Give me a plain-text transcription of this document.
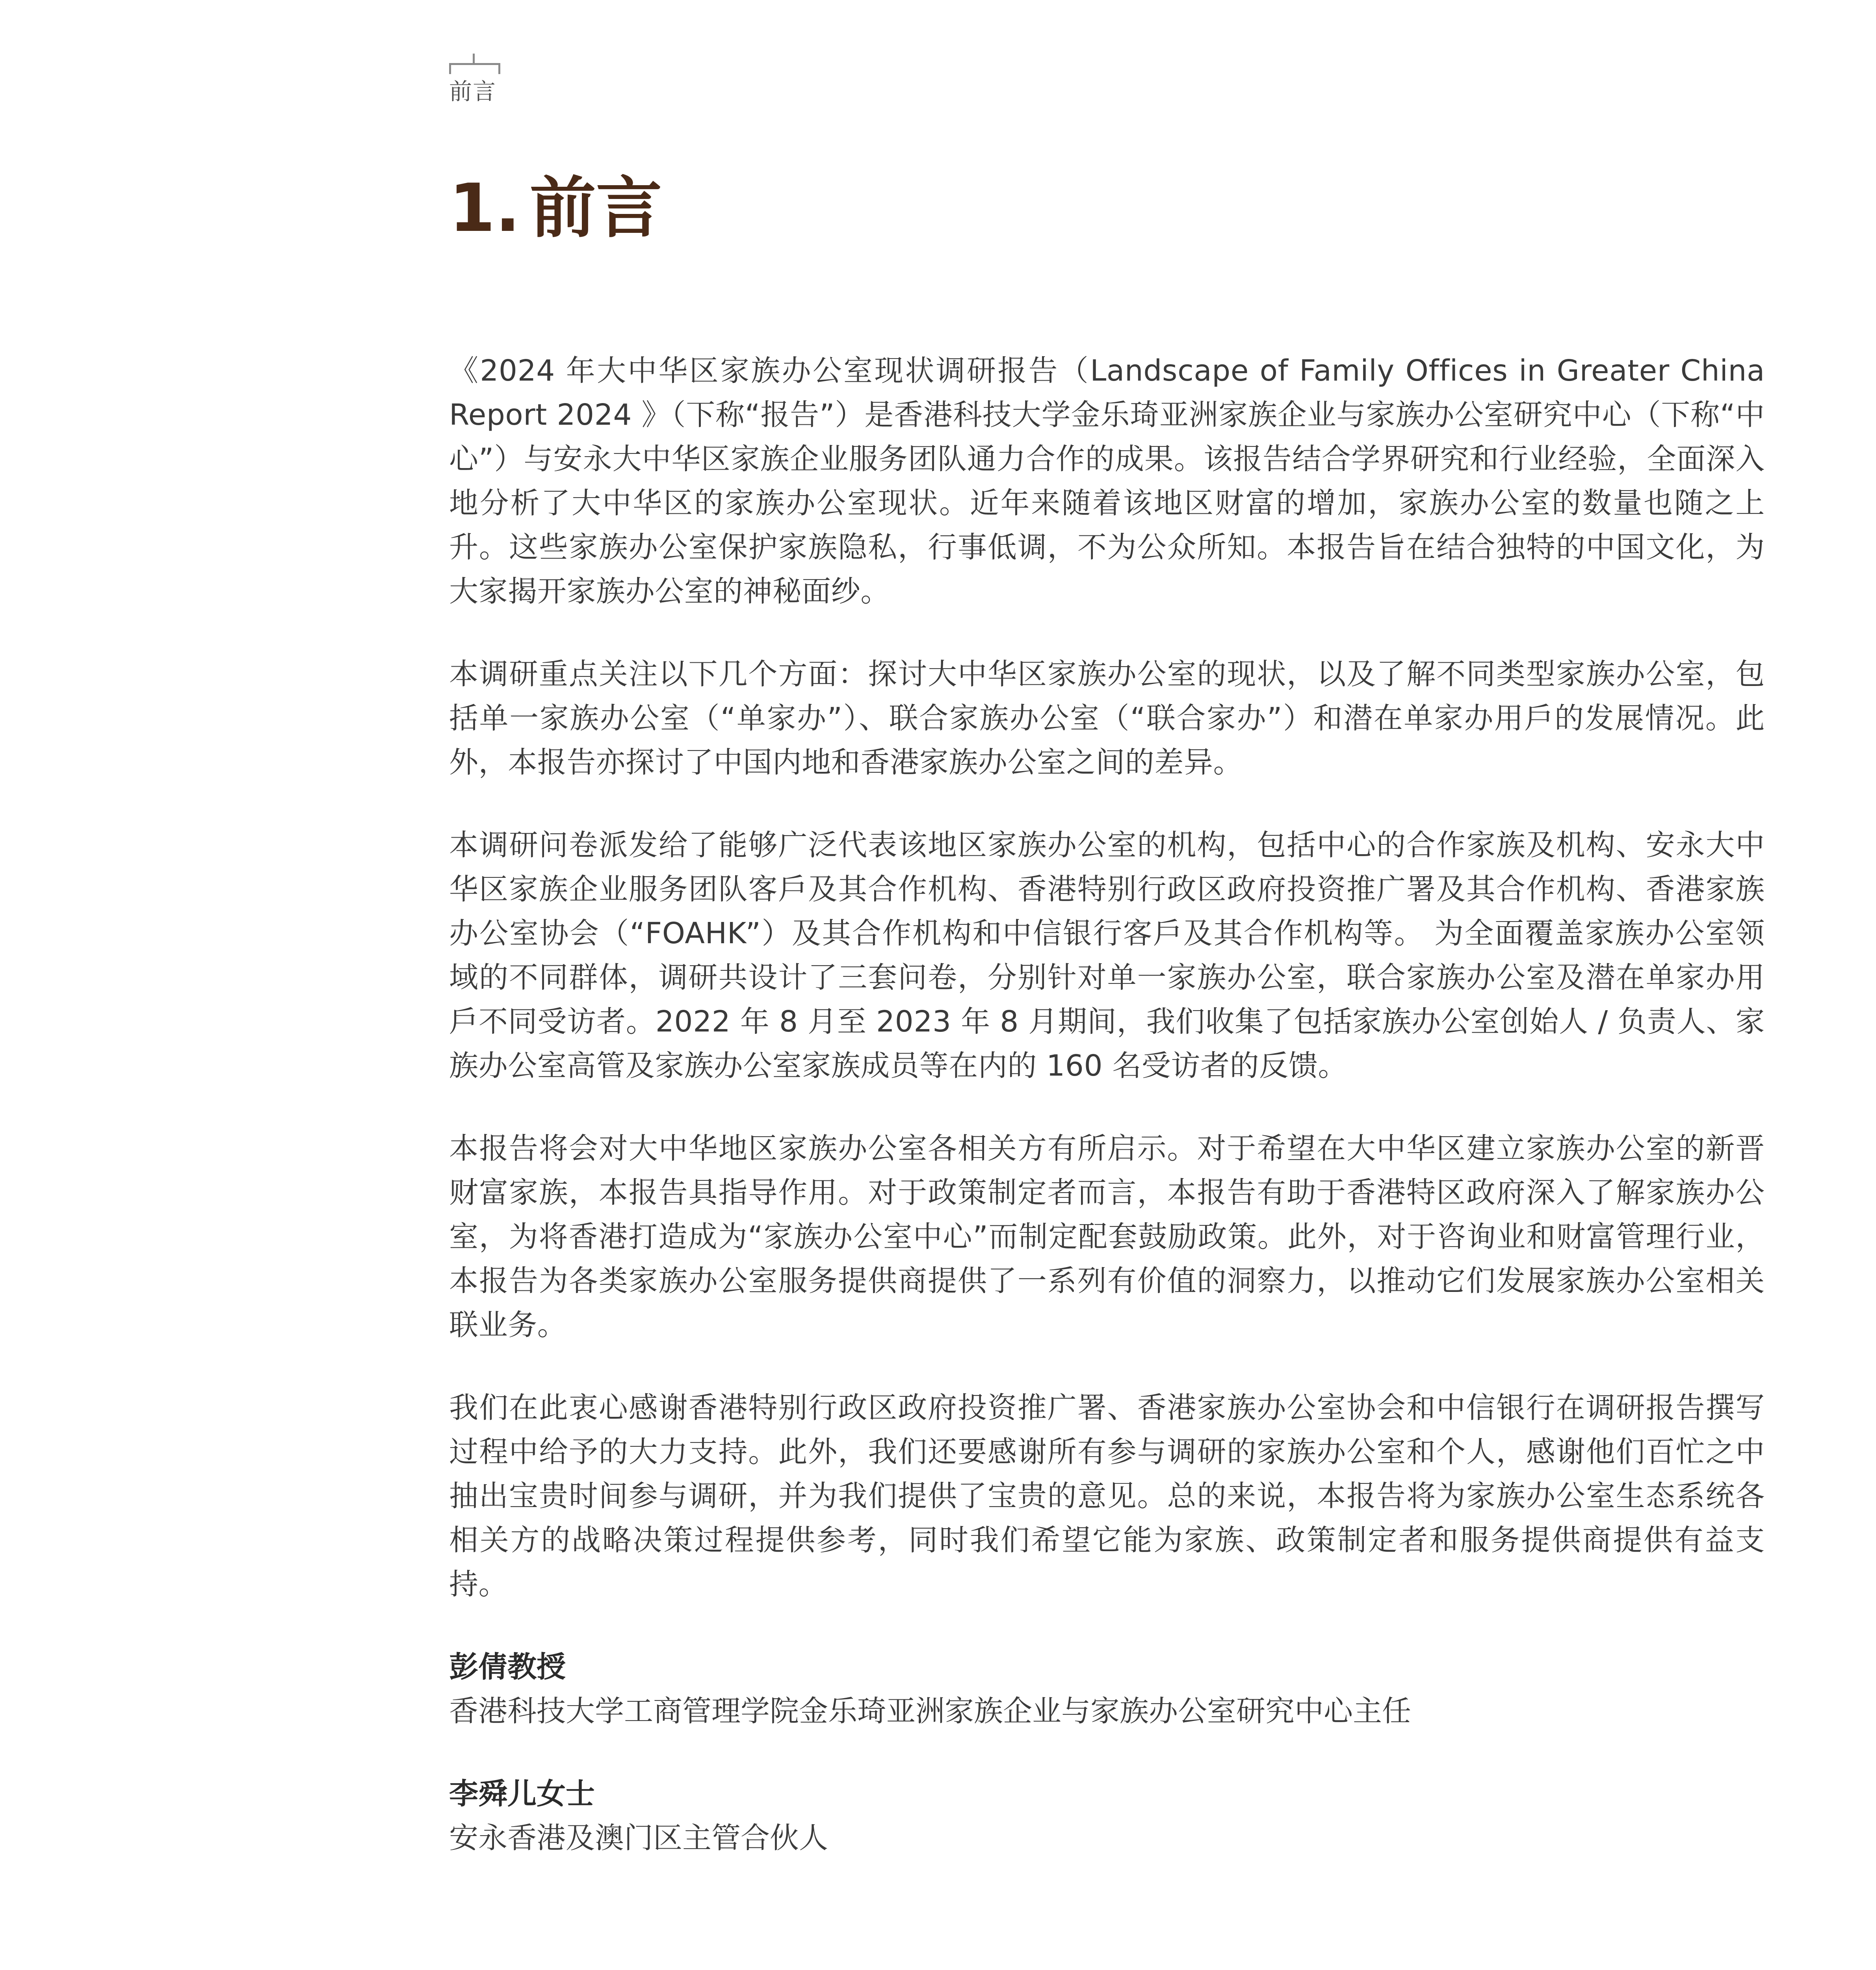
前言
1. 前言

《2024 年大中华区家族办公室现状调研报告（Landscape of Family Offices in Greater China Report 2024 》（下称“报告”）是香港科技大学金乐琦亚洲家族企业与家族办公室研究中心（下称“中心”）与安永大中华区家族企业服务团队通力合作的成果。该报告结合学界研究和行业经验，全面深入地分析了大中华区的家族办公室现状。近年来随着该地区财富的增加，家族办公室的数量也随之上升。这些家族办公室保护家族隐私，行事低调，不为公众所知。本报告旨在结合独特的中国文化，为大家揭开家族办公室的神秘面纱。

本调研重点关注以下几个方面：探讨大中华区家族办公室的现状，以及了解不同类型家族办公室，包括单一家族办公室（“单家办”）、联合家族办公室（“联合家办”）和潜在单家办用戶的发展情况。此外，本报告亦探讨了中国内地和香港家族办公室之间的差异。

本调研问卷派发给了能够广泛代表该地区家族办公室的机构，包括中心的合作家族及机构、安永大中华区家族企业服务团队客戶及其合作机构、香港特别行政区政府投资推广署及其合作机构、香港家族办公室协会（“FOAHK”）及其合作机构和中信银行客戶及其合作机构等。 为全面覆盖家族办公室领域的不同群体，调研共设计了三套问卷，分别针对单一家族办公室，联合家族办公室及潜在单家办用戶不同受访者。2022 年 8 月至 2023 年 8 月期间，我们收集了包括家族办公室创始人 / 负责人、家族办公室高管及家族办公室家族成员等在内的 160 名受访者的反馈。

本报告将会对大中华地区家族办公室各相关方有所启示。对于希望在大中华区建立家族办公室的新晋财富家族，本报告具指导作用。对于政策制定者而言，本报告有助于香港特区政府深入了解家族办公室，为将香港打造成为“家族办公室中心”而制定配套鼓励政策。此外，对于咨询业和财富管理行业，本报告为各类家族办公室服务提供商提供了一系列有价值的洞察力，以推动它们发展家族办公室相关联业务。

我们在此衷心感谢香港特别行政区政府投资推广署、香港家族办公室协会和中信银行在调研报告撰写过程中给予的大力支持。此外，我们还要感谢所有参与调研的家族办公室和个人，感谢他们百忙之中抽出宝贵时间参与调研，并为我们提供了宝贵的意见。总的来说，本报告将为家族办公室生态系统各相关方的战略决策过程提供参考，同时我们希望它能为家族、政策制定者和服务提供商提供有益支持。

彭倩教授
香港科技大学工商管理学院金乐琦亚洲家族企业与家族办公室研究中心主任
李舜儿女士
安永香港及澳门区主管合伙人
